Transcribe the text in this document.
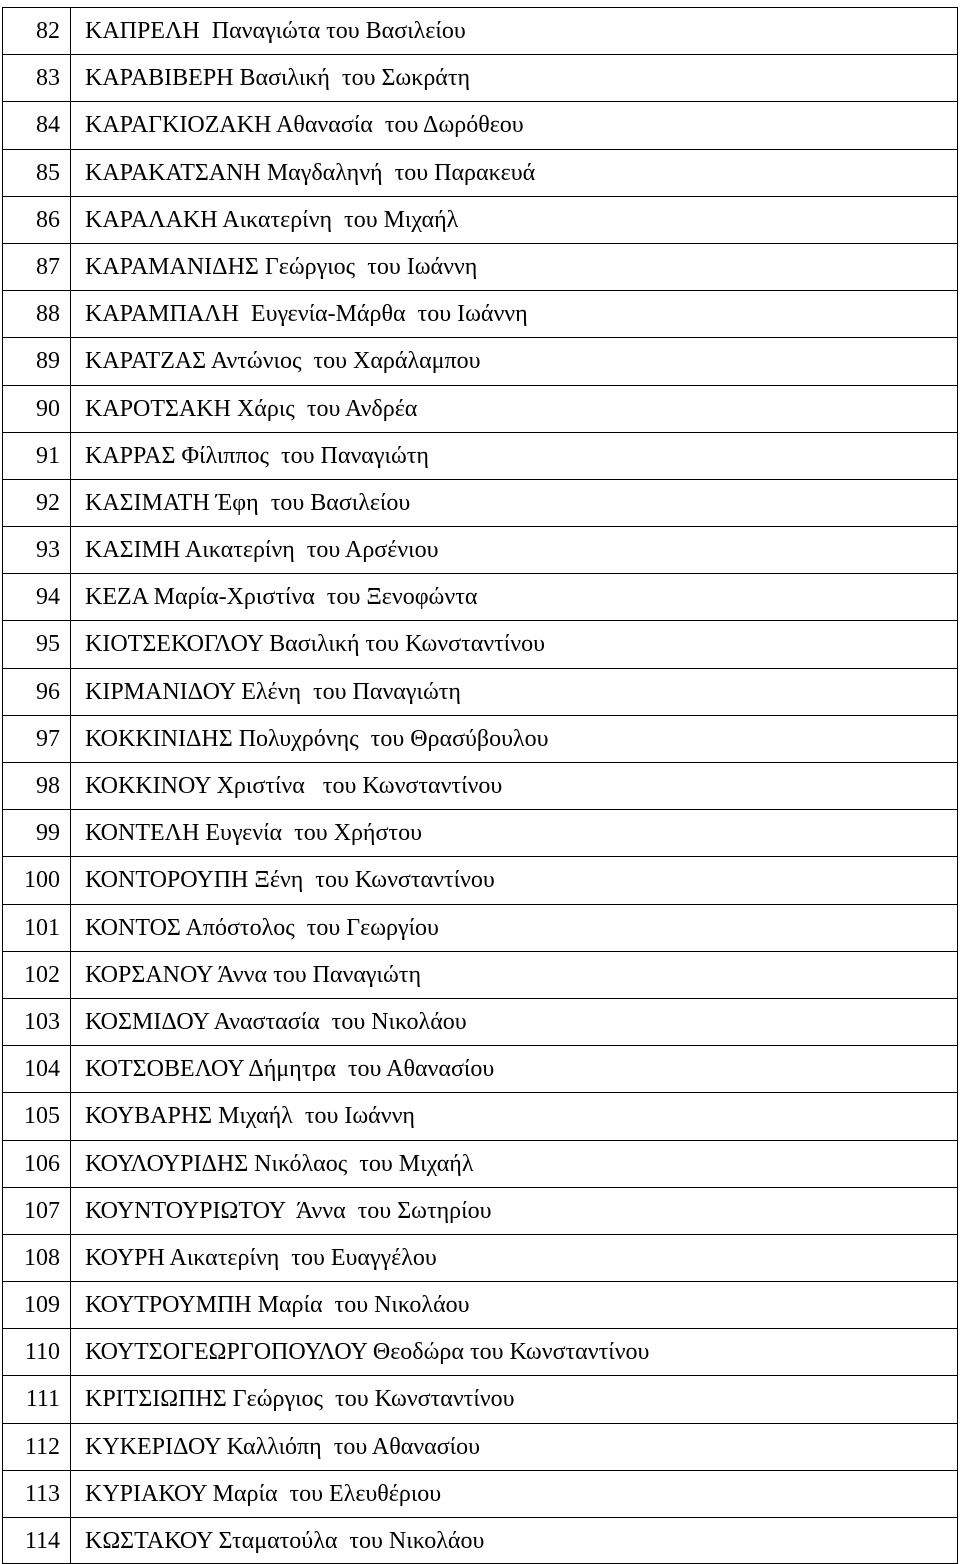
82	ΚΑΠΡΕΛΗ  Παναγιώτα του Βασιλείου
83	ΚΑΡΑΒΙΒΕΡΗ Βασιλική  του Σωκράτη
84	ΚΑΡΑΓΚΙΟΖΑΚΗ Αθανασία  του Δωρόθεου
85	ΚΑΡΑΚΑΤΣΑΝΗ Μαγδαληνή  του Παρακευά
86	ΚΑΡΑΛΑΚΗ Αικατερίνη  του Μιχαήλ
87	ΚΑΡΑΜΑΝΙΔΗΣ Γεώργιος  του Ιωάννη
88	ΚΑΡΑΜΠΑΛΗ  Ευγενία-Μάρθα  του Ιωάννη
89	ΚΑΡΑΤΖΑΣ Αντώνιος  του Χαράλαμπου
90	ΚΑΡΟΤΣΑΚΗ Χάρις  του Ανδρέα
91	ΚΑΡΡΑΣ Φίλιππος  του Παναγιώτη
92	ΚΑΣΙΜΑΤΗ Έφη  του Βασιλείου
93	ΚΑΣΙΜΗ Αικατερίνη  του Αρσένιου
94	ΚΕΖΑ Μαρία-Χριστίνα  του Ξενοφώντα
95	ΚΙΟΤΣΕΚΟΓΛΟΥ Βασιλική του Κωνσταντίνου
96	ΚΙΡΜΑΝΙΔΟΥ Ελένη  του Παναγιώτη
97	ΚΟΚΚΙΝΙΔΗΣ Πολυχρόνης  του Θρασύβουλου
98	ΚΟΚΚΙΝΟΥ Χριστίνα   του Κωνσταντίνου
99	ΚΟΝΤΕΛΗ Ευγενία  του Χρήστου
100	ΚΟΝΤΟΡΟΥΠΗ Ξένη  του Κωνσταντίνου
101	ΚΟΝΤΟΣ Απόστολος  του Γεωργίου
102	ΚΟΡΣΑΝΟΥ Άννα του Παναγιώτη
103	ΚΟΣΜΙΔΟΥ Αναστασία  του Νικολάου
104	ΚΟΤΣΟΒΕΛΟΥ Δήμητρα  του Αθανασίου
105	ΚΟΥΒΑΡΗΣ Μιχαήλ  του Ιωάννη
106	ΚΟΥΛΟΥΡΙΔΗΣ Νικόλαος  του Μιχαήλ
107	ΚΟΥΝΤΟΥΡΙΩΤΟΥ  Άννα  του Σωτηρίου
108	ΚΟΥΡΗ Αικατερίνη  του Ευαγγέλου
109	ΚΟΥΤΡΟΥΜΠΗ Μαρία  του Νικολάου
110	ΚΟΥΤΣΟΓΕΩΡΓΟΠΟΥΛΟΥ Θεοδώρα του Κωνσταντίνου
111	ΚΡΙΤΣΙΩΠΗΣ Γεώργιος  του Κωνσταντίνου
112	ΚΥΚΕΡΙΔΟΥ Καλλιόπη  του Αθανασίου
113	ΚΥΡΙΑΚΟΥ Μαρία  του Ελευθέριου
114	ΚΩΣΤΑΚΟΥ Σταματούλα  του Νικολάου
